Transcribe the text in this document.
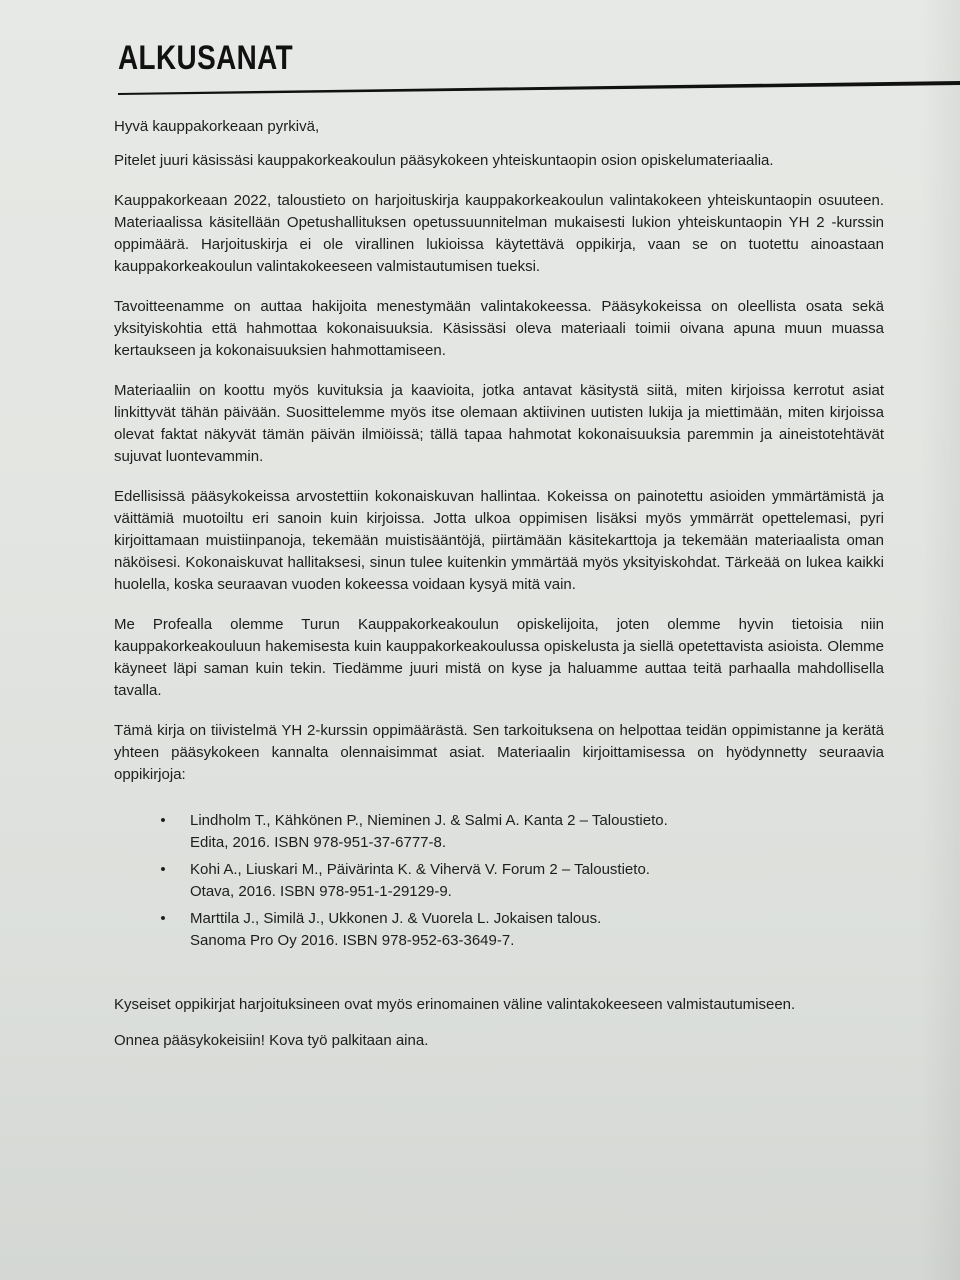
ALKUSANAT

Hyvä kauppakorkeaan pyrkivä,

Pitelet juuri käsissäsi kauppakorkeakoulun pääsykokeen yhteiskuntaopin osion opiskelumateriaalia.

Kauppakorkeaan 2022, taloustieto on harjoituskirja kauppakorkeakoulun valintakokeen yhteiskuntaopin osuuteen. Materiaalissa käsitellään Opetushallituksen opetussuunnitelman mukaisesti lukion yhteiskuntaopin YH 2 -kurssin oppimäärä. Harjoituskirja ei ole virallinen lukioissa käytettävä oppikirja, vaan se on tuotettu ainoastaan kauppakorkeakoulun valintakokeeseen valmistautumisen tueksi.

Tavoitteenamme on auttaa hakijoita menestymään valintakokeessa. Pääsykokeissa on oleellista osata sekä yksityiskohtia että hahmottaa kokonaisuuksia. Käsissäsi oleva materiaali toimii oivana apuna muun muassa kertaukseen ja kokonaisuuksien hahmottamiseen.

Materiaaliin on koottu myös kuvituksia ja kaavioita, jotka antavat käsitystä siitä, miten kirjoissa kerrotut asiat linkittyvät tähän päivään. Suosittelemme myös itse olemaan aktiivinen uutisten lukija ja miettimään, miten kirjoissa olevat faktat näkyvät tämän päivän ilmiöissä; tällä tapaa hahmotat kokonaisuuksia paremmin ja aineistotehtävät sujuvat luontevammin.

Edellisissä pääsykokeissa arvostettiin kokonaiskuvan hallintaa. Kokeissa on painotettu asioiden ymmärtämistä ja väittämiä muotoiltu eri sanoin kuin kirjoissa. Jotta ulkoa oppimisen lisäksi myös ymmärrät opettelemasi, pyri kirjoittamaan muistiinpanoja, tekemään muistisääntöjä, piirtämään käsitekarttoja ja tekemään materiaalista oman näköisesi. Kokonaiskuvat hallitaksesi, sinun tulee kuitenkin ymmärtää myös yksityiskohdat. Tärkeää on lukea kaikki huolella, koska seuraavan vuoden kokeessa voidaan kysyä mitä vain.

Me Profealla olemme Turun Kauppakorkeakoulun opiskelijoita, joten olemme hyvin tietoisia niin kauppakorkeakouluun hakemisesta kuin kauppakorkeakoulussa opiskelusta ja siellä opetettavista asioista. Olemme käyneet läpi saman kuin tekin. Tiedämme juuri mistä on kyse ja haluamme auttaa teitä parhaalla mahdollisella tavalla.

Tämä kirja on tiivistelmä YH 2-kurssin oppimäärästä. Sen tarkoituksena on helpottaa teidän oppimistanne ja kerätä yhteen pääsykokeen kannalta olennaisimmat asiat. Materiaalin kirjoittamisessa on hyödynnetty seuraavia oppikirjoja:

• Lindholm T., Kähkönen P., Nieminen J. & Salmi A. Kanta 2 – Taloustieto.
Edita, 2016. ISBN 978-951-37-6777-8.
• Kohi A., Liuskari M., Päivärinta K. & Vihervä V. Forum 2 – Taloustieto.
Otava, 2016. ISBN 978-951-1-29129-9.
• Marttila J., Similä J., Ukkonen J. & Vuorela L. Jokaisen talous.
Sanoma Pro Oy 2016. ISBN 978-952-63-3649-7.

Kyseiset oppikirjat harjoituksineen ovat myös erinomainen väline valintakokeeseen valmistautumiseen.

Onnea pääsykokeisiin! Kova työ palkitaan aina.
